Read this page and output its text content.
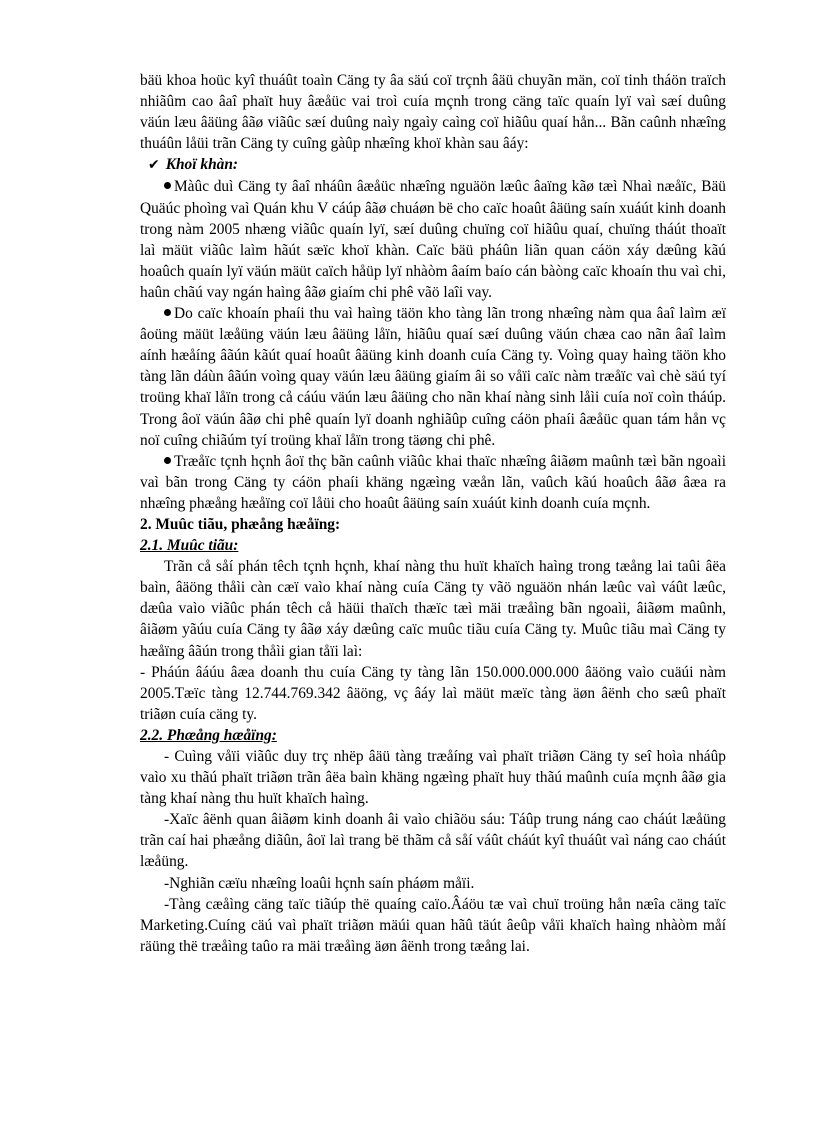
bäü khoa hoüc kyî thuáût toaìn Cäng ty âa säú coï trçnh âäü chuyãn män, coï tinh tháön traïch nhiãûm cao âaî phaït huy âæåüc vai troì cuía mçnh trong cäng taïc quaín lyï vaì sæí duûng väún læu âäüng âãø viãûc sæí duûng naìy ngaìy caìng coï hiãûu quaí hån... Bãn caûnh nhæîng thuáûn låüi trãn Cäng ty cuîng gàûp nhæîng khoï khàn sau âáy:

✔ Khoï khàn:

Màûc duì Cäng ty âaî nháûn âæåüc nhæîng nguäön læûc âaïng kãø tæì Nhaì næåïc, Bäü Quäúc phoìng vaì Quán khu V cáúp âãø chuáøn bë cho caïc hoaût âäüng saín xuáút kinh doanh trong nàm 2005 nhæng viãûc quaín lyï, sæí duûng chuïng coï hiãûu quaí, chuïng tháút thoaït laì mäüt viãûc laìm hãút sæïc khoï khàn. Caïc bäü pháûn liãn quan cáön xáy dæûng kãú hoaûch quaín lyï väún mäüt caïch håüp lyï nhàòm âaím baío cán bàòng caïc khoaín thu vaì chi, haûn chãú vay ngán haìng âãø giaím chi phê vãö laîi vay.

Do caïc khoaín phaíi thu vaì haìng täön kho tàng lãn trong nhæîng nàm qua âaî laìm æï âoüng mäüt læåüng väún læu âäüng låïn, hiãûu quaí sæí duûng väún chæa cao nãn âaî laìm aính hæåíng âãún kãút quaí hoaût âäüng kinh doanh cuía Cäng ty. Voìng quay haìng täön kho tàng lãn dáùn âãún voìng quay väún læu âäüng giaím âi so våïi caïc nàm træåïc vaì chè säú tyí troüng khaï låïn trong cå cáúu väún læu âäüng cho nãn khaí nàng sinh låìi cuía noï coìn tháúp. Trong âoï väún âãø chi phê quaín lyï doanh nghiãûp cuîng cáön phaíi âæåüc quan tám hån vç noï cuîng chiãúm tyí troüng khaï låïn trong täøng chi phê.

Træåïc tçnh hçnh âoï thç bãn caûnh viãûc khai thaïc nhæîng âiãøm maûnh tæì bãn ngoaìi vaì bãn trong Cäng ty cáön phaíi khäng ngæìng væån lãn, vaûch kãú hoaûch âãø âæa ra nhæîng phæång hæåïng coï låüi cho hoaût âäüng saín xuáút kinh doanh cuía mçnh.

2. Muûc tiãu, phæång hæåïng:

2.1. Muûc tiãu:

Trãn cå såí phán têch tçnh hçnh, khaí nàng thu huït khaïch haìng trong tæång lai taûi âëa baìn, âäöng thåìi càn cæï vaìo khaí nàng cuía Cäng ty vãö nguäön nhán læûc vaì váût læûc, dæûa vaìo viãûc phán têch cå häüi thaïch thæïc tæì mäi træåìng bãn ngoaìi, âiãøm maûnh, âiãøm yãúu cuía Cäng ty âãø xáy dæûng caïc muûc tiãu cuía Cäng ty. Muûc tiãu maì Cäng ty hæåïng âãún trong thåìi gian tåïi laì:

- Pháún âáúu âæa doanh thu cuía Cäng ty tàng lãn 150.000.000.000 âäöng vaìo cuäúi nàm 2005.Tæïc tàng 12.744.769.342 âäöng, vç âáy laì mäüt mæïc tàng äøn âënh cho sæû phaït triãøn cuía cäng ty.

2.2. Phæång hæåïng:

- Cuìng våïi viãûc duy trç nhëp âäü tàng træåíng vaì phaït triãøn Cäng ty seî hoìa nháûp vaìo xu thãú phaït triãøn trãn âëa baìn khäng ngæìng phaït huy thãú maûnh cuía mçnh âãø gia tàng khaí nàng thu huït khaïch haìng.

-Xaïc âënh quan âiãøm kinh doanh âi vaìo chiãöu sáu: Táûp trung náng cao cháút læåüng trãn caí hai phæång diãûn, âoï laì trang bë thãm cå såí váût cháút kyî thuáût vaì náng cao cháút læåüng.

-Nghiãn cæïu nhæîng loaûi hçnh saín pháøm måïi.

-Tàng cæåìng cäng taïc tiãúp thë quaíng caïo.Âáöu tæ vaì chuï troüng hån næîa cäng taïc Marketing.Cuíng cäú vaì phaït triãøn mäúi quan hãû täút âeûp våïi khaïch haìng nhàòm måí räüng thë træåìng taûo ra mäi træåìng äøn âënh trong tæång lai.
